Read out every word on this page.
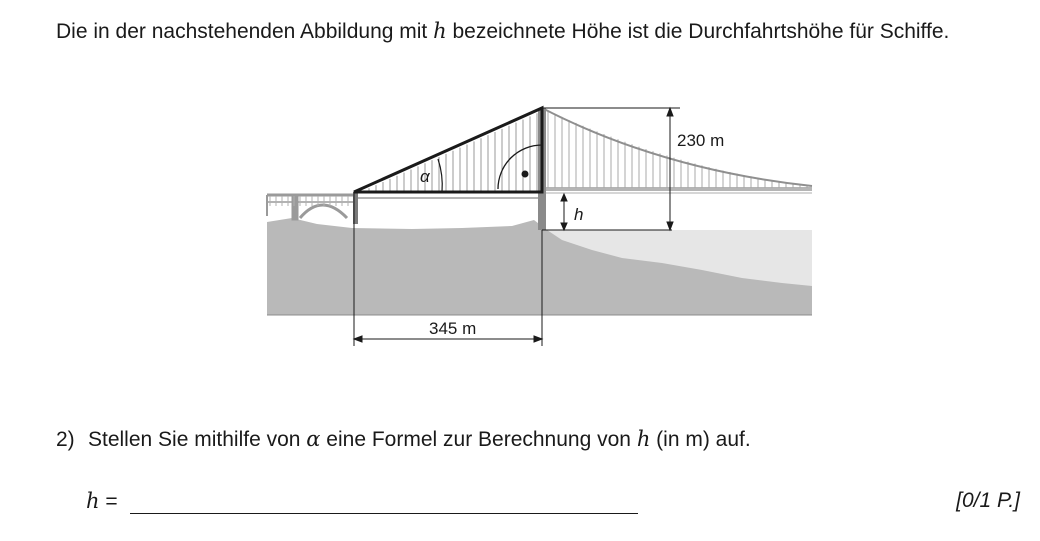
Die in der nachstehenden Abbildung mit h bezeichnete Höhe ist die Durchfahrtshöhe für Schiffe.

α
h
230 m
345 m

2) Stellen Sie mithilfe von α eine Formel zur Berechnung von h (in m) auf.

h =	[0/1 P.]
